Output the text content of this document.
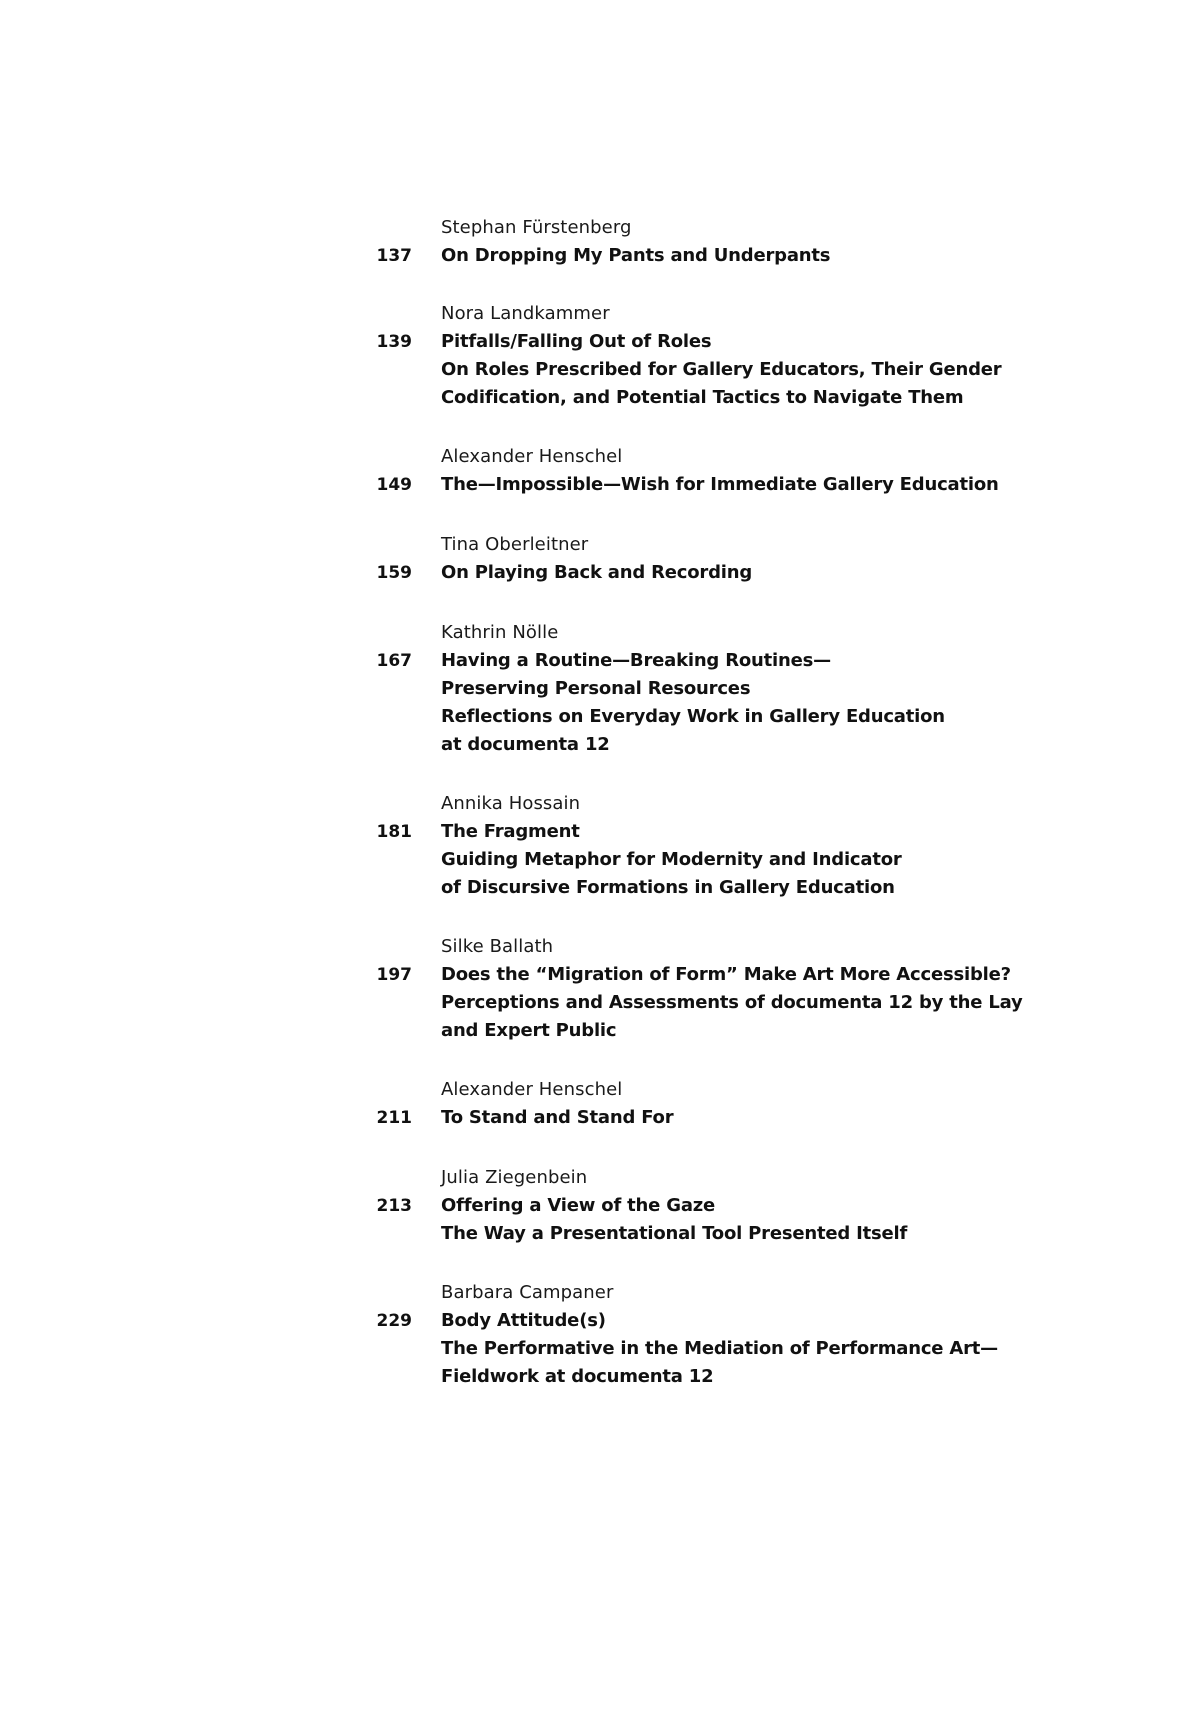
Stephan Fürstenberg
137 On Dropping My Pants and Underpants
Nora Landkammer
139 Pitfalls/Falling Out of Roles
On Roles Prescribed for Gallery Educators, Their Gender
Codification, and Potential Tactics to Navigate Them
Alexander Henschel
149 The—Impossible—Wish for Immediate Gallery Education
Tina Oberleitner
159 On Playing Back and Recording
Kathrin Nölle
167 Having a Routine—Breaking Routines—
Preserving Personal Resources
Reflections on Everyday Work in Gallery Education
at documenta 12
Annika Hossain
181 The Fragment
Guiding Metaphor for Modernity and Indicator
of Discursive Formations in Gallery Education
Silke Ballath
197 Does the “Migration of Form” Make Art More Accessible?
Perceptions and Assessments of documenta 12 by the Lay
and Expert Public
Alexander Henschel
211 To Stand and Stand For
Julia Ziegenbein
213 Offering a View of the Gaze
The Way a Presentational Tool Presented Itself
Barbara Campaner
229 Body Attitude(s)
The Performative in the Mediation of Performance Art—
Fieldwork at documenta 12
